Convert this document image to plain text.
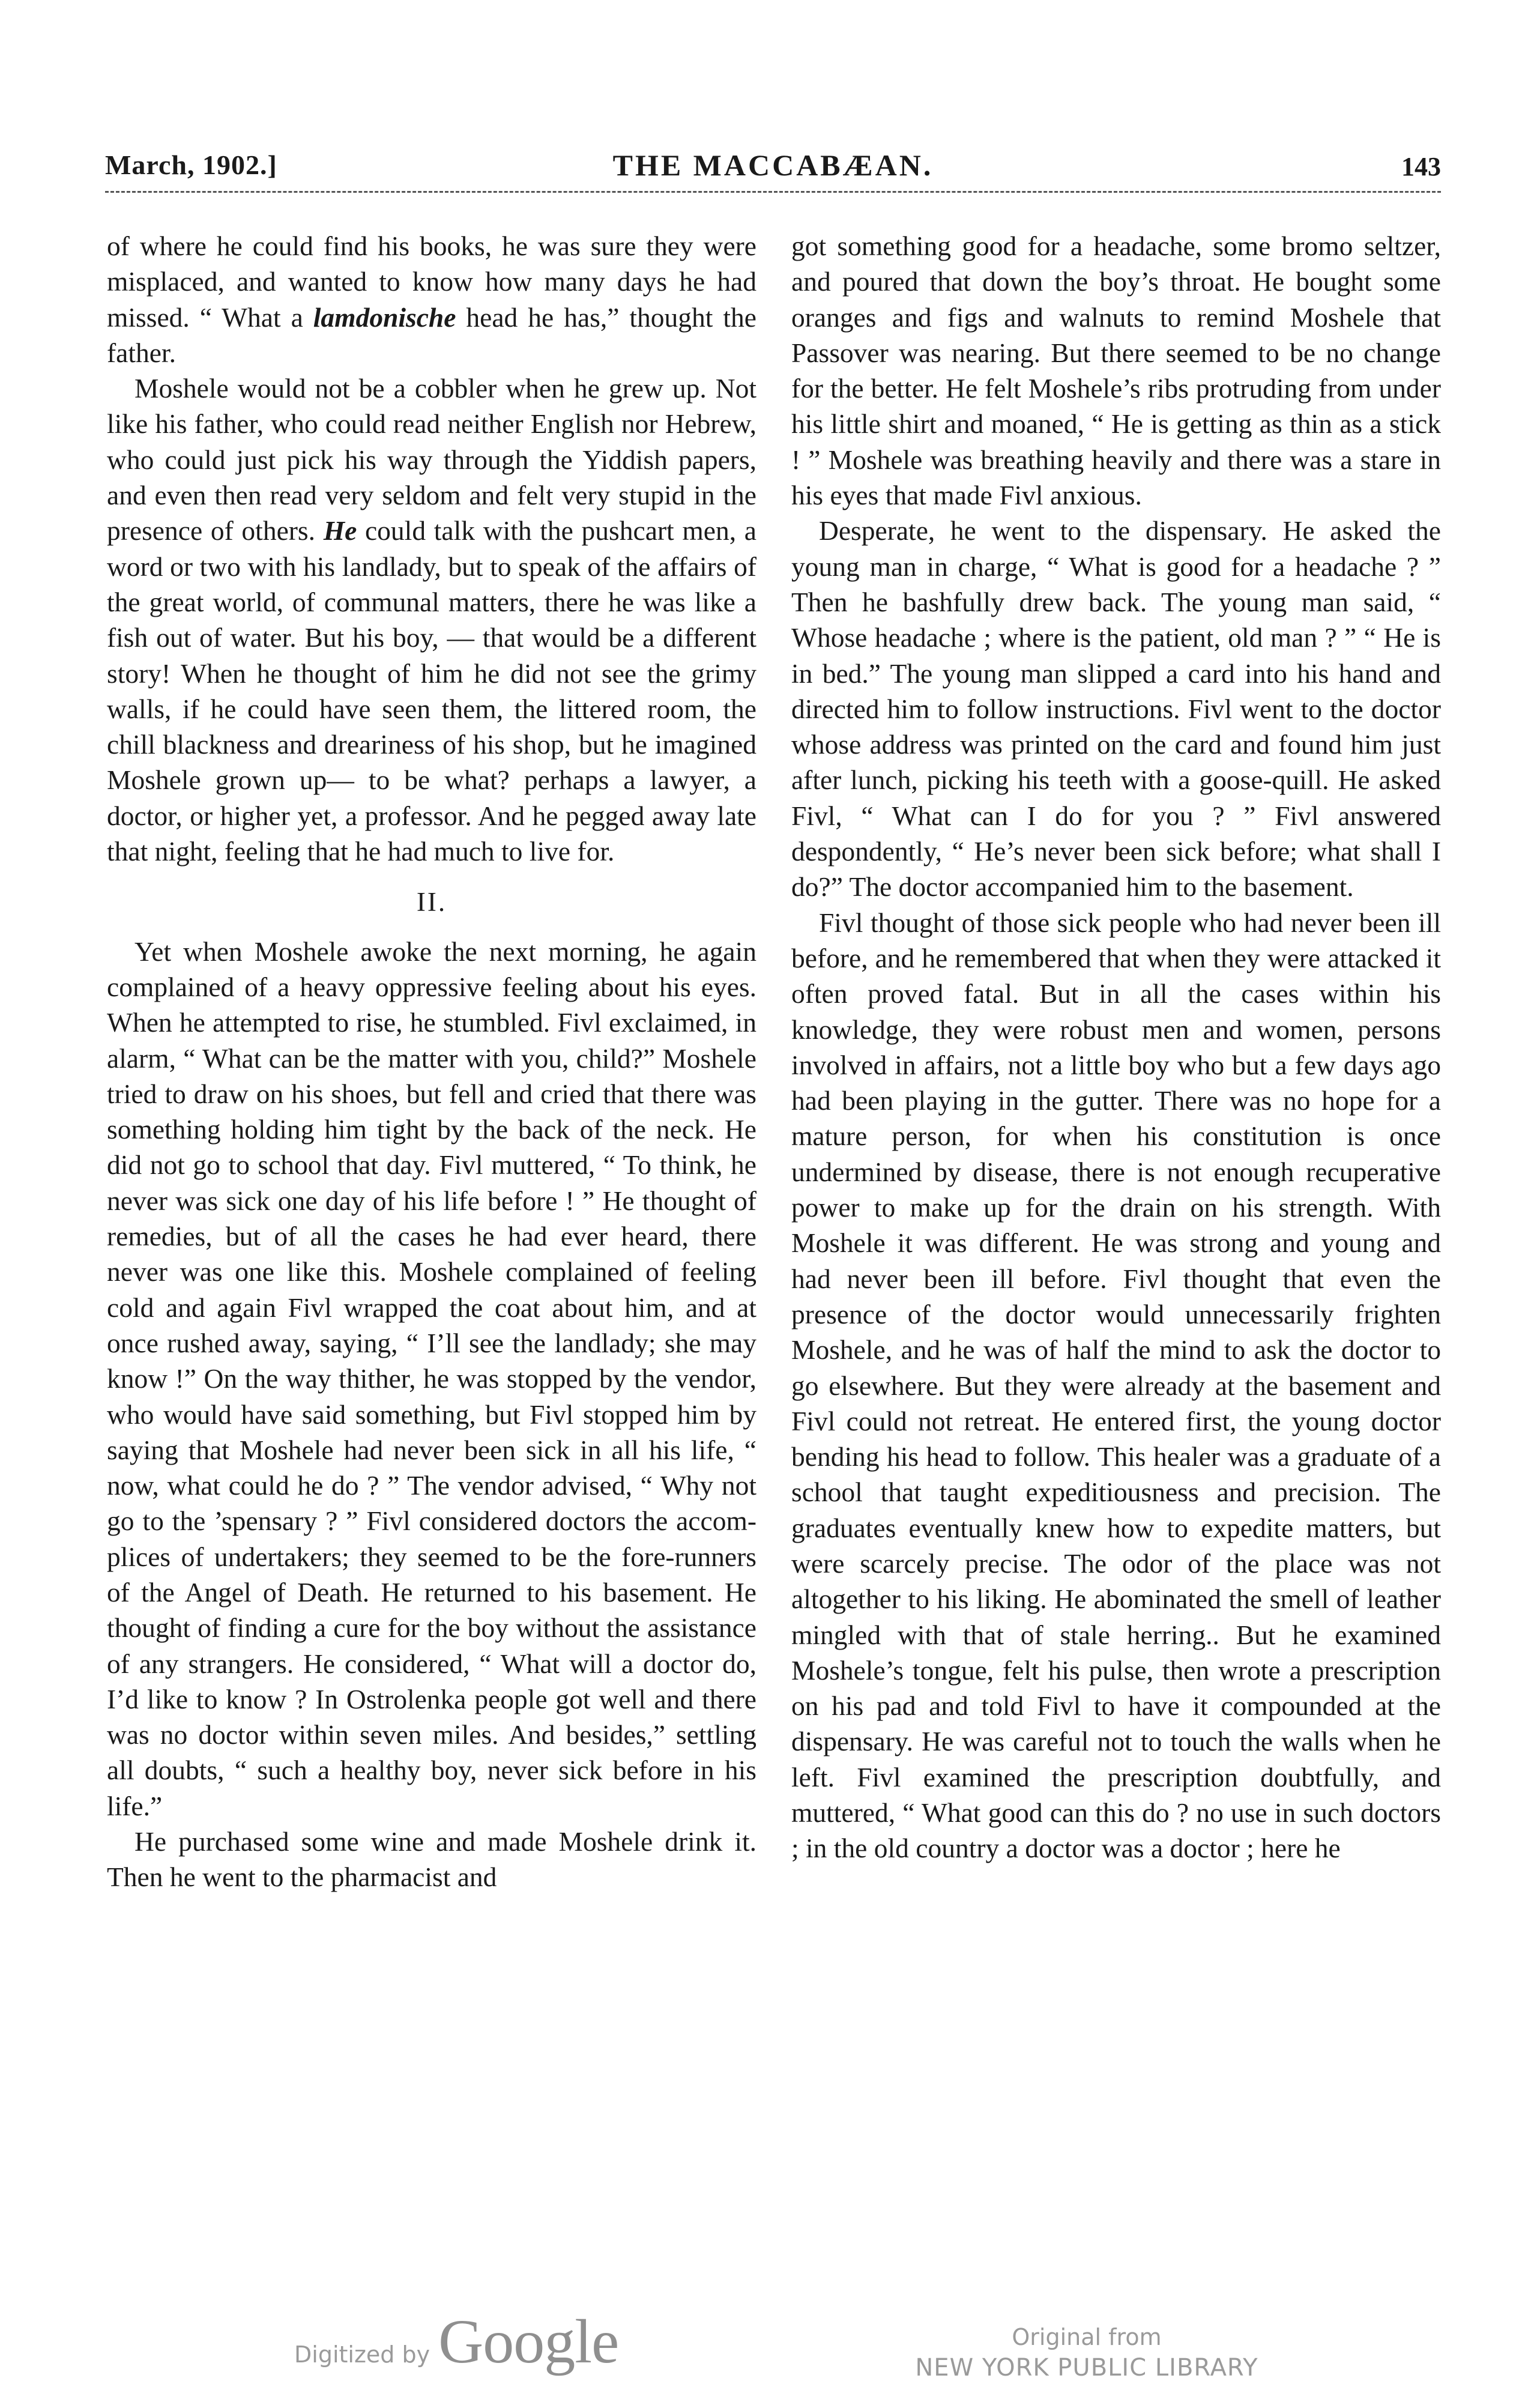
March, 1902.]	THE MACCABÆAN.	143

of where he could find his books, he was sure they were misplaced, and wanted to know how many days he had missed. “ What a lamdonische head he has,” thought the father.

Moshele would not be a cobbler when he grew up. Not like his father, who could read neither English nor Hebrew, who could just pick his way through the Yiddish papers, and even then read very seldom and felt very stupid in the presence of others. He could talk with the pushcart men, a word or two with his landlady, but to speak of the affairs of the great world, of communal matters, there he was like a fish out of water. But his boy, — that would be a different story! When he thought of him he did not see the grimy walls, if he could have seen them, the littered room, the chill blackness and dreariness of his shop, but he imagined Moshele grown up— to be what? perhaps a lawyer, a doctor, or higher yet, a professor. And he pegged away late that night, feeling that he had much to live for.

II.

Yet when Moshele awoke the next morning, he again complained of a heavy oppressive feeling about his eyes. When he attempted to rise, he stumbled. Fivl exclaimed, in alarm, “ What can be the matter with you, child?” Moshele tried to draw on his shoes, but fell and cried that there was something holding him tight by the back of the neck. He did not go to school that day. Fivl muttered, “ To think, he never was sick one day of his life before ! ” He thought of remedies, but of all the cases he had ever heard, there never was one like this. Moshele complained of feeling cold and again Fivl wrapped the coat about him, and at once rushed away, saying, “ I’ll see the landlady; she may know !” On the way thither, he was stopped by the vendor, who would have said something, but Fivl stopped him by saying that Moshele had never been sick in all his life, “ now, what could he do ? ” The vendor advised, “ Why not go to the ’spensary ? ” Fivl considered doctors the accomplices of undertakers; they seemed to be the fore-runners of the Angel of Death. He returned to his basement. He thought of finding a cure for the boy without the assistance of any strangers. He considered, “ What will a doctor do, I’d like to know ? In Ostrolenka people got well and there was no doctor within seven miles. And besides,” settling all doubts, “ such a healthy boy, never sick before in his life.”

He purchased some wine and made Moshele drink it. Then he went to the pharmacist and

got something good for a headache, some bromo seltzer, and poured that down the boy’s throat. He bought some oranges and figs and walnuts to remind Moshele that Passover was nearing. But there seemed to be no change for the better. He felt Moshele’s ribs protruding from under his little shirt and moaned, “ He is getting as thin as a stick ! ” Moshele was breathing heavily and there was a stare in his eyes that made Fivl anxious.

Desperate, he went to the dispensary. He asked the young man in charge, “ What is good for a headache ? ” Then he bashfully drew back. The young man said, “ Whose headache ; where is the patient, old man ? ” “ He is in bed.” The young man slipped a card into his hand and directed him to follow instructions. Fivl went to the doctor whose address was printed on the card and found him just after lunch, picking his teeth with a goose-quill. He asked Fivl, “ What can I do for you ? ” Fivl answered despondently, “ He’s never been sick before; what shall I do?” The doctor accompanied him to the basement.

Fivl thought of those sick people who had never been ill before, and he remembered that when they were attacked it often proved fatal. But in all the cases within his knowledge, they were robust men and women, persons involved in affairs, not a little boy who but a few days ago had been playing in the gutter. There was no hope for a mature person, for when his constitution is once undermined by disease, there is not enough recuperative power to make up for the drain on his strength. With Moshele it was different. He was strong and young and had never been ill before. Fivl thought that even the presence of the doctor would unnecessarily frighten Moshele, and he was of half the mind to ask the doctor to go elsewhere. But they were already at the basement and Fivl could not retreat. He entered first, the young doctor bending his head to follow. This healer was a graduate of a school that taught expeditiousness and precision. The graduates eventually knew how to expedite matters, but were scarcely precise. The odor of the place was not altogether to his liking. He abominated the smell of leather mingled with that of stale herring.. But he examined Moshele’s tongue, felt his pulse, then wrote a prescription on his pad and told Fivl to have it compounded at the dispensary. He was careful not to touch the walls when he left. Fivl examined the prescription doubtfully, and muttered, “ What good can this do ? no use in such doctors ; in the old country a doctor was a doctor ; here he

Digitized by Google	Original from
NEW YORK PUBLIC LIBRARY
